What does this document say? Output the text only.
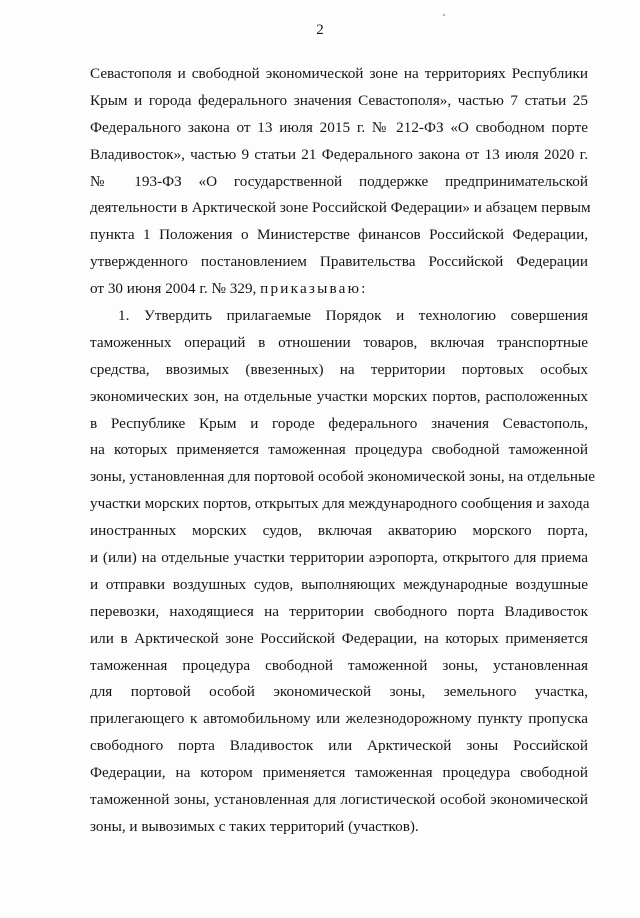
2
Севастополя и свободной экономической зоне на территориях Республики
Крым и города федерального значения Севастополя», частью 7 статьи 25
Федерального закона от 13 июля 2015 г. № 212-ФЗ «О свободном порте
Владивосток», частью 9 статьи 21 Федерального закона от 13 июля 2020 г.
№ 193-ФЗ «О государственной поддержке предпринимательской
деятельности в Арктической зоне Российской Федерации» и абзацем первым
пункта 1 Положения о Министерстве финансов Российской Федерации,
утвержденного постановлением Правительства Российской Федерации
от 30 июня 2004 г. № 329, приказываю:
1. Утвердить прилагаемые Порядок и технологию совершения
таможенных операций в отношении товаров, включая транспортные
средства, ввозимых (ввезенных) на территории портовых особых
экономических зон, на отдельные участки морских портов, расположенных
в Республике Крым и городе федерального значения Севастополь,
на которых применяется таможенная процедура свободной таможенной
зоны, установленная для портовой особой экономической зоны, на отдельные
участки морских портов, открытых для международного сообщения и захода
иностранных морских судов, включая акваторию морского порта,
и (или) на отдельные участки территории аэропорта, открытого для приема
и отправки воздушных судов, выполняющих международные воздушные
перевозки, находящиеся на территории свободного порта Владивосток
или в Арктической зоне Российской Федерации, на которых применяется
таможенная процедура свободной таможенной зоны, установленная
для портовой особой экономической зоны, земельного участка,
прилегающего к автомобильному или железнодорожному пункту пропуска
свободного порта Владивосток или Арктической зоны Российской
Федерации, на котором применяется таможенная процедура свободной
таможенной зоны, установленная для логистической особой экономической
зоны, и вывозимых с таких территорий (участков).
